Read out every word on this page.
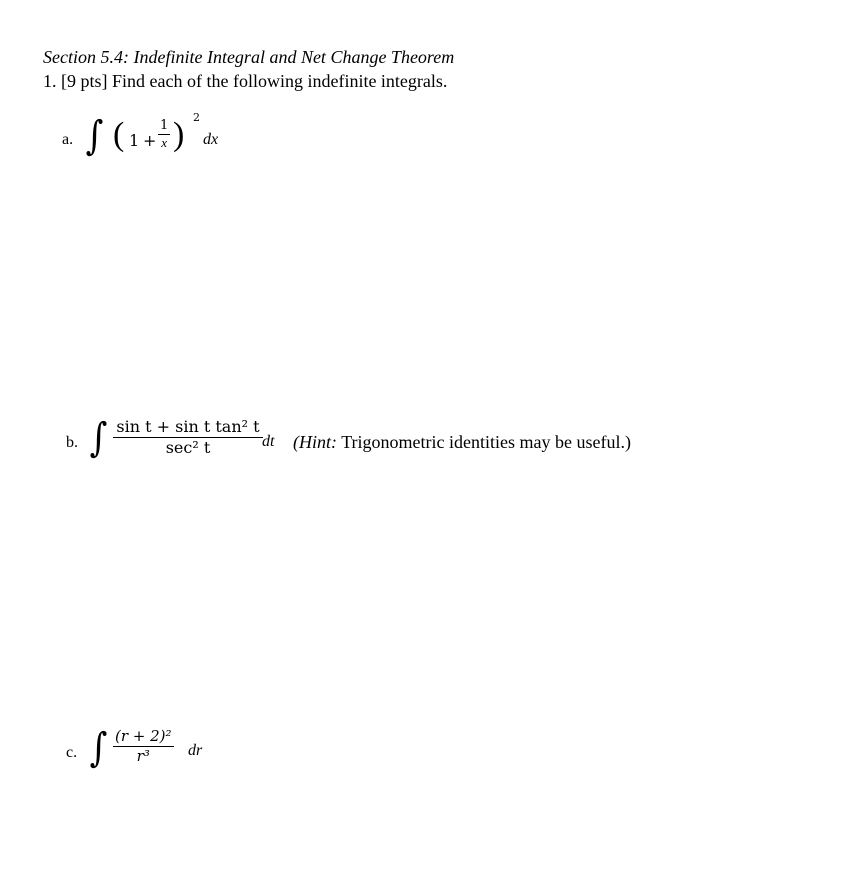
Section 5.4: Indefinite Integral and Net Change Theorem
1. [9 pts] Find each of the following indefinite integrals.
a. ∫ ( $1 + \frac{1}{x}$ ) 2
dx
b. ∫ $\frac{\text{sin t + sin t tan² t}}{\text{sec² t}}$ dt (Hint: Trigonometric identities may be useful.)
c. ∫ $\frac{\text{(r + 2)²}}{\text{r³}}$ dr
